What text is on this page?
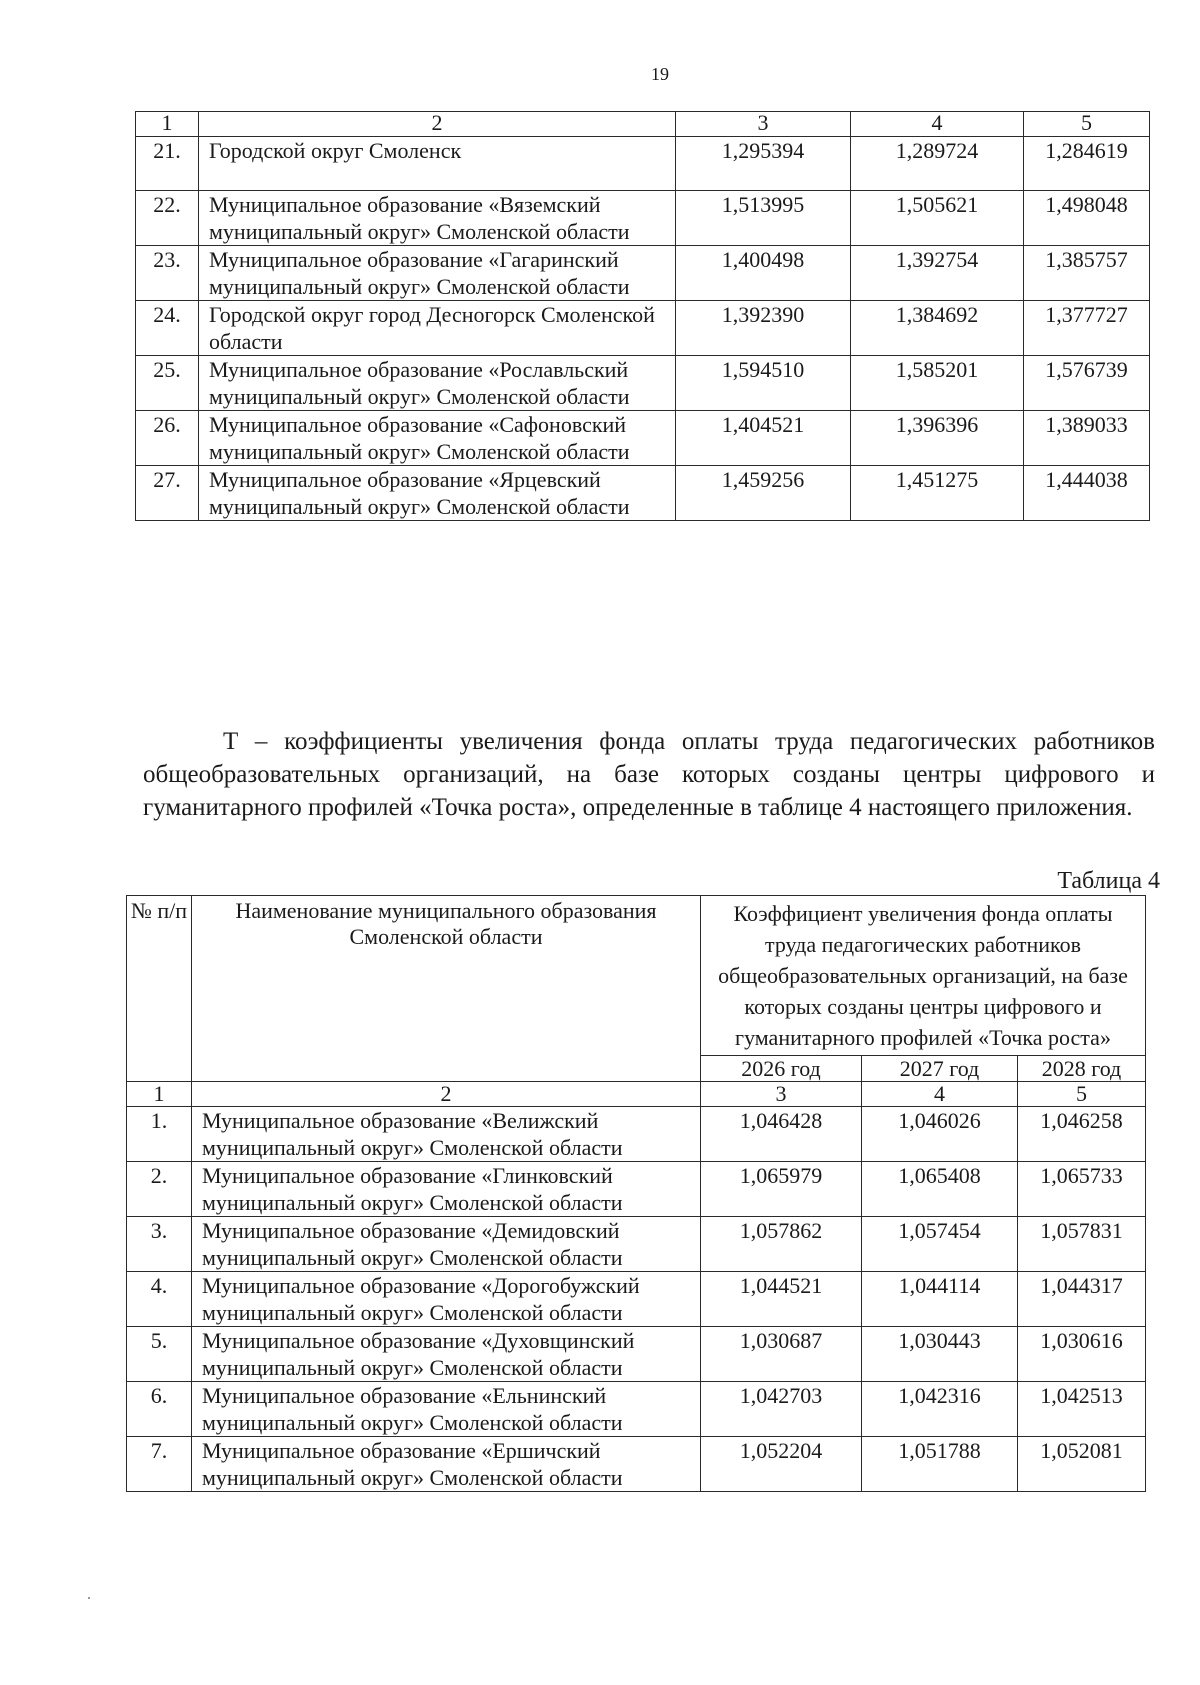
19
1	2	3	4	5
21.	Городской округ Смоленск	1,295394	1,289724	1,284619
22.	Муниципальное образование «Вяземский муниципальный округ» Смоленской области	1,513995	1,505621	1,498048
23.	Муниципальное образование «Гагаринский муниципальный округ» Смоленской области	1,400498	1,392754	1,385757
24.	Городской округ город Десногорск Смоленской области	1,392390	1,384692	1,377727
25.	Муниципальное образование «Рославльский муниципальный округ» Смоленской области	1,594510	1,585201	1,576739
26.	Муниципальное образование «Сафоновский муниципальный округ» Смоленской области	1,404521	1,396396	1,389033
27.	Муниципальное образование «Ярцевский муниципальный округ» Смоленской области	1,459256	1,451275	1,444038

Т – коэффициенты увеличения фонда оплаты труда педагогических работников общеобразовательных организаций, на базе которых созданы центры цифрового и гуманитарного профилей «Точка роста», определенные в таблице 4 настоящего приложения.

Таблица 4
№ п/п	Наименование муниципального образования Смоленской области	Коэффициент увеличения фонда оплаты труда педагогических работников общеобразовательных организаций, на базе которых созданы центры цифрового и гуманитарного профилей «Точка роста»		
		2026 год	2027 год	2028 год
1	2	3	4	5
1.	Муниципальное образование «Велижский муниципальный округ» Смоленской области	1,046428	1,046026	1,046258
2.	Муниципальное образование «Глинковский муниципальный округ» Смоленской области	1,065979	1,065408	1,065733
3.	Муниципальное образование «Демидовский муниципальный округ» Смоленской области	1,057862	1,057454	1,057831
4.	Муниципальное образование «Дорогобужский муниципальный округ» Смоленской области	1,044521	1,044114	1,044317
5.	Муниципальное образование «Духовщинский муниципальный округ» Смоленской области	1,030687	1,030443	1,030616
6.	Муниципальное образование «Ельнинский муниципальный округ» Смоленской области	1,042703	1,042316	1,042513
7.	Муниципальное образование «Ершичский муниципальный округ» Смоленской области	1,052204	1,051788	1,052081
